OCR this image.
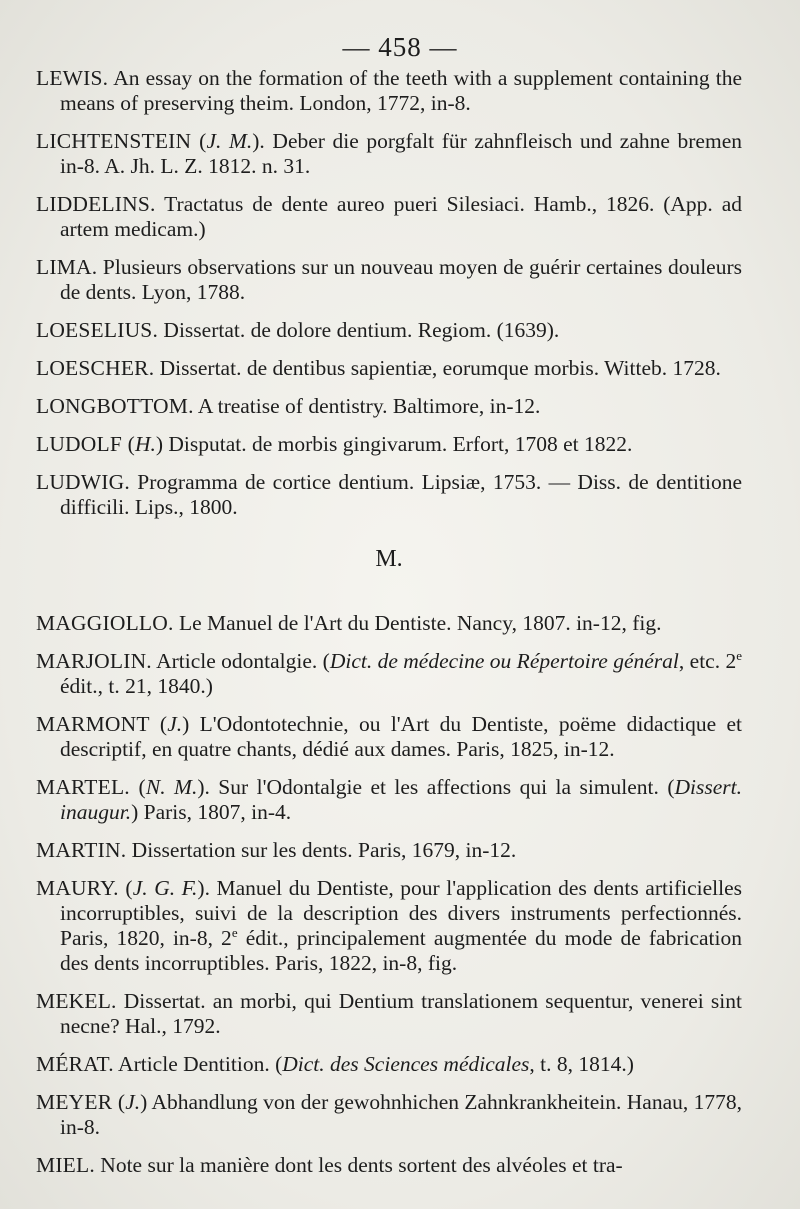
— 458 —
LEWIS. An essay on the formation of the teeth with a supplement containing the means of preserving theim. London, 1772, in-8.
LICHTENSTEIN (J. M.). Deber die porgfalt für zahnfleisch und zahne bremen in-8. A. Jh. L. Z. 1812. n. 31.
LIDDELINS. Tractatus de dente aureo pueri Silesiaci. Hamb., 1826. (App. ad artem medicam.)
LIMA. Plusieurs observations sur un nouveau moyen de guérir certaines douleurs de dents. Lyon, 1788.
LOESELIUS. Dissertat. de dolore dentium. Regiom. (1639).
LOESCHER. Dissertat. de dentibus sapientiæ, eorumque morbis. Witteb. 1728.
LONGBOTTOM. A treatise of dentistry. Baltimore, in-12.
LUDOLF (H.) Disputat. de morbis gingivarum. Erfort, 1708 et 1822.
LUDWIG. Programma de cortice dentium. Lipsiæ, 1753. — Diss. de dentitione difficili. Lips., 1800.
M.
MAGGIOLLO. Le Manuel de l'Art du Dentiste. Nancy, 1807. in-12, fig.
MARJOLIN. Article odontalgie. (Dict. de médecine ou Répertoire général, etc. 2e édit., t. 21, 1840.)
MARMONT (J.) L'Odontotechnie, ou l'Art du Dentiste, poëme didactique et descriptif, en quatre chants, dédié aux dames. Paris, 1825, in-12.
MARTEL. (N. M.). Sur l'Odontalgie et les affections qui la simulent. (Dissert. inaugur.) Paris, 1807, in-4.
MARTIN. Dissertation sur les dents. Paris, 1679, in-12.
MAURY. (J. G. F.). Manuel du Dentiste, pour l'application des dents artificielles incorruptibles, suivi de la description des divers instruments perfectionnés. Paris, 1820, in-8, 2e édit., principalement augmentée du mode de fabrication des dents incorruptibles. Paris, 1822, in-8, fig.
MEKEL. Dissertat. an morbi, qui Dentium translationem sequentur, venerei sint necne? Hal., 1792.
MÉRAT. Article Dentition. (Dict. des Sciences médicales, t. 8, 1814.)
MEYER (J.) Abhandlung von der gewohnhichen Zahnkrankheitein. Hanau, 1778, in-8.
MIEL. Note sur la manière dont les dents sortent des alvéoles et tra-
